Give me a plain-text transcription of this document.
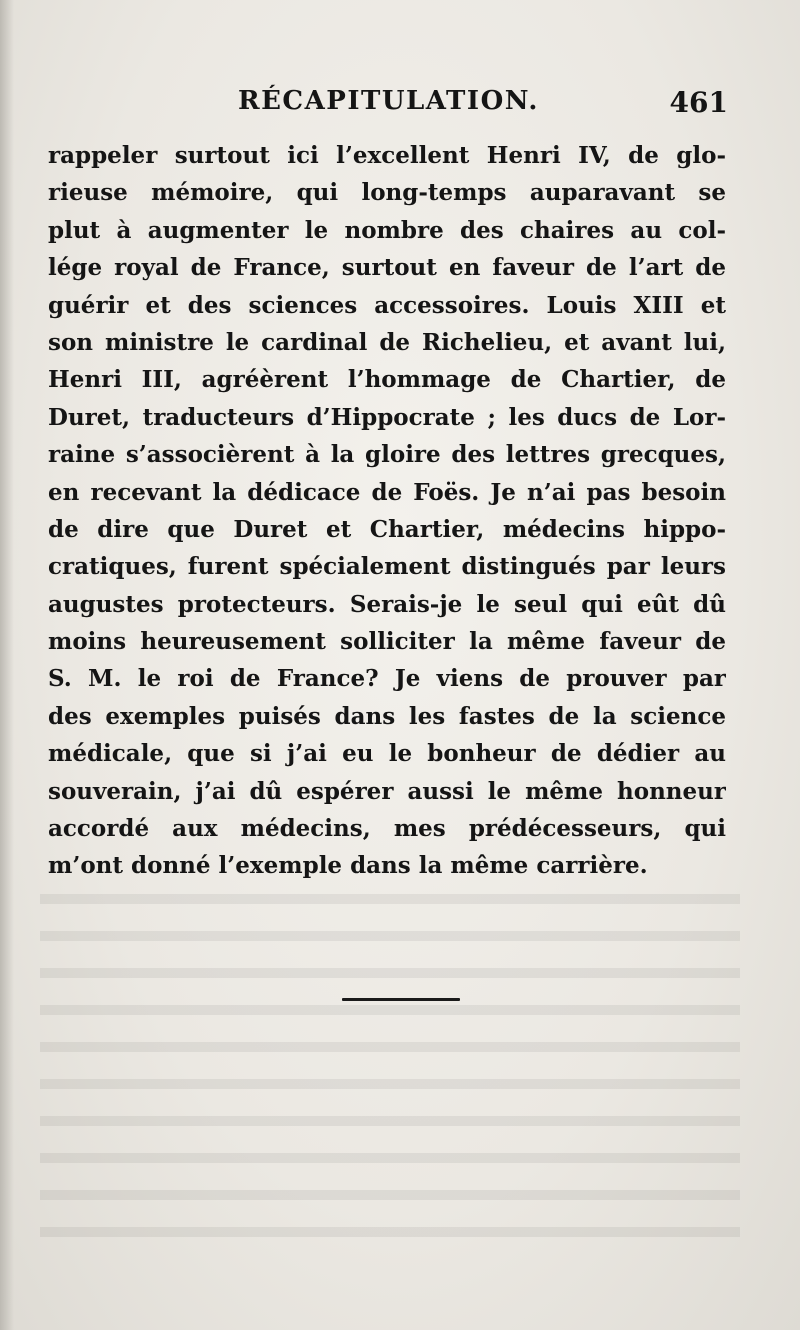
RÉCAPITULATION.	461
rappeler surtout ici l’excellent Henri IV, de glo-
rieuse mémoire, qui long-temps auparavant se
plut à augmenter le nombre des chaires au col-
lége royal de France, surtout en faveur de l’art de
guérir et des sciences accessoires. Louis XIII et
son ministre le cardinal de Richelieu, et avant lui,
Henri III, agréèrent l’hommage de Chartier, de
Duret, traducteurs d’Hippocrate ; les ducs de Lor-
raine s’associèrent à la gloire des lettres grecques,
en recevant la dédicace de Foës. Je n’ai pas besoin
de dire que Duret et Chartier, médecins hippo-
cratiques, furent spécialement distingués par leurs
augustes protecteurs. Serais-je le seul qui eût dû
moins heureusement solliciter la même faveur de
S. M. le roi de France? Je viens de prouver par
des exemples puisés dans les fastes de la science
médicale, que si j’ai eu le bonheur de dédier au
souverain, j’ai dû espérer aussi le même honneur
accordé aux médecins, mes prédécesseurs, qui
m’ont donné l’exemple dans la même carrière.
